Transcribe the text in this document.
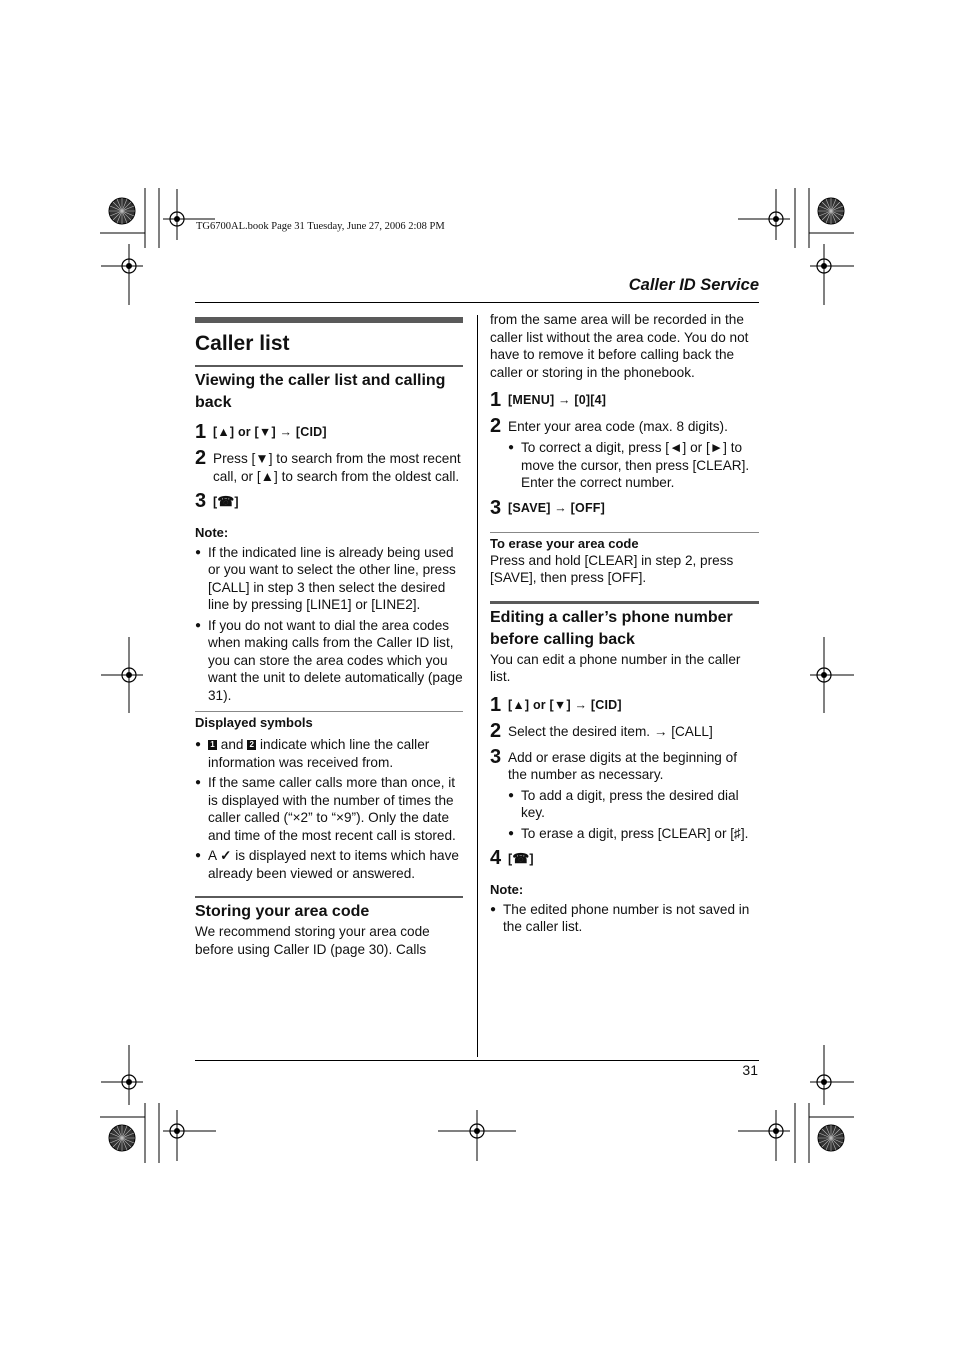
TG6700AL.book Page 31 Tuesday, June 27, 2006 2:08 PM
Caller ID Service
Caller list
Viewing the caller list and calling back
1 [▲] or [▼] → [CID]
2 Press [▼] to search from the most recent call, or [▲] to search from the oldest call.
3 [☎]
Note:
● If the indicated line is already being used or you want to select the other line, press [CALL] in step 3 then select the desired line by pressing [LINE1] or [LINE2].
● If you do not want to dial the area codes when making calls from the Caller ID list, you can store the area codes which you want the unit to delete automatically (page 31).
Displayed symbols
●	1 and 2 indicate which line the caller information was received from.
● If the same caller calls more than once, it is displayed with the number of times the caller called (“×2” to “×9”). Only the date and time of the most recent call is stored.
● A ✓ is displayed next to items which have already been viewed or answered.
Storing your area code

We recommend storing your area code before using Caller ID (page 30). Calls

from the same area will be recorded in the caller list without the area code. You do not have to remove it before calling back the caller or storing in the phonebook.

1 [MENU] → [0][4]
2 Enter your area code (max. 8 digits).
● To correct a digit, press [◄] or [►] to move the cursor, then press [CLEAR]. Enter the correct number.
3 [SAVE] → [OFF]
To erase your area code

Press and hold [CLEAR] in step 2, press [SAVE], then press [OFF].

Editing a caller’s phone number before calling back

You can edit a phone number in the caller list.

1 [▲] or [▼] → [CID]
2 Select the desired item. → [CALL]
3 Add or erase digits at the beginning of the number as necessary.
● To add a digit, press the desired dial key.
● To erase a digit, press [CLEAR] or [♯].
4 [☎]
Note:
● The edited phone number is not saved in the caller list.
31
